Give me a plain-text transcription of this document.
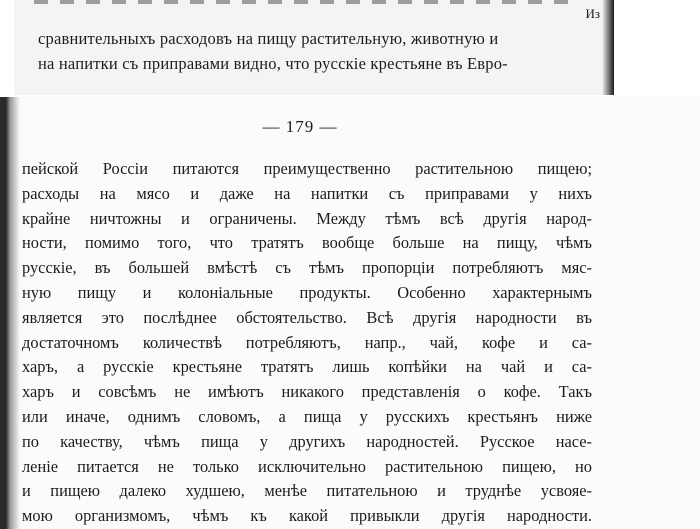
Из
сравнительныхъ расходовъ на пищу растительную, животную и
на напитки съ приправами видно, что русскіе крестьяне въ Евро-
— 179 —
пейской Россіи питаются преимущественно растительною пищею;
расходы на мясо и даже на напитки съ приправами у нихъ
крайне ничтожны и ограничены. Между тѣмъ всѣ другія народ-
ности, помимо того, что тратятъ вообще больше на пищу, чѣмъ
русскіе, въ большей вмѣстѣ съ тѣмъ пропорціи потребляютъ мяс-
ную пищу и колоніальные продукты. Особенно характернымъ
является это послѣднее обстоятельство. Всѣ другія народности въ
достаточномъ количествѣ потребляютъ, напр., чай, кофе и са-
харъ, а русскіе крестьяне тратятъ лишь копѣйки на чай и са-
харъ и совсѣмъ не имѣютъ никакого представленія о кофе. Такъ
или иначе, однимъ словомъ, а пища у русскихъ крестьянъ ниже
по качеству, чѣмъ пища у другихъ народностей. Русское насе-
леніе питается не только исключительно растительною пищею, но
и пищею далеко худшею, менѣе питательною и труднѣе усвояе-
мою организмомъ, чѣмъ къ какой привыкли другія народности.
